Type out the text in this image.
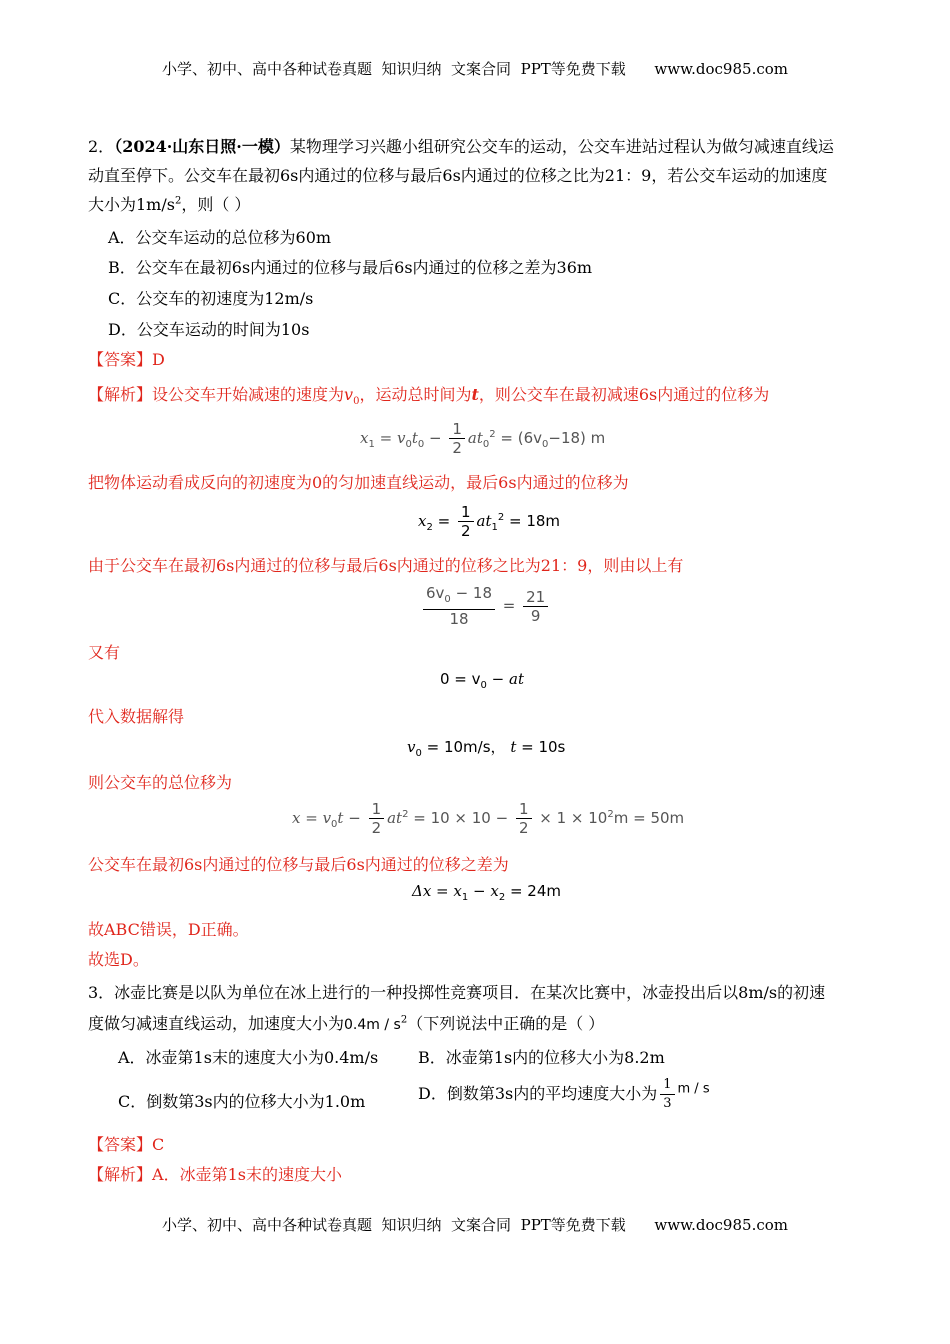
小学、初中、高中各种试卷真题  知识归纳  文案合同  PPT等免费下载      www.doc985.com
2．（2024·山东日照·一模）某物理学习兴趣小组研究公交车的运动，公交车进站过程认为做匀减速直线运
动直至停下。公交车在最初6s内通过的位移与最后6s内通过的位移之比为21：9，若公交车运动的加速度
大小为$1m/s^2$，则（ ）
A．公交车运动的总位移为60m
B．公交车在最初6s内通过的位移与最后6s内通过的位移之差为36m
C．公交车的初速度为12m/s
D．公交车运动的时间为10s
【答案】D
【解析】设公交车开始减速的速度为$v_0$，运动总时间为t，则公交车在最初减速6s内通过的位移为
$x_1 = v_0t_0 - \frac{1}{2} at_0^2 = (6v_0-18)$ m
把物体运动看成反向的初速度为0的匀加速直线运动，最后6s内通过的位移为
$x_2 = \frac{1}{2} at_1^2 = 18m$
由于公交车在最初6s内通过的位移与最后6s内通过的位移之比为21：9，则由以上有
$\frac{6v_0 - 18}{18} = \frac{21}{9}$
又有
$0 = v_0$ − at
代入数据解得
$v_0 = 10m/s$， t = 10s
则公交车的总位移为
$x = v_0t - \frac{1}{2} at^2 = 10 \times 10 - \frac{1}{2} \times 1 \times 10^2m = 50m$
公交车在最初6s内通过的位移与最后6s内通过的位移之差为
$\Delta x = x_1 - x_2 = 24m$
故ABC错误，D正确。
故选D。
3．冰壶比赛是以队为单位在冰上进行的一种投掷性竞赛项目．在某次比赛中，冰壶投出后以8m/s的初速
度做匀减速直线运动，加速度大小为$0.4m / s^2$（下列说法中正确的是（ ）
A．冰壶第1s末的速度大小为0.4m/s B．冰壶第1s内的位移大小为8.2m
C．倒数第3s内的位移大小为1.0m	D．倒数第3s内的平均速度大小为 $\frac{1}{3} ^{m / s}$
【答案】C
【解析】A．冰壶第1s末的速度大小
小学、初中、高中各种试卷真题  知识归纳  文案合同  PPT等免费下载      www.doc985.com
